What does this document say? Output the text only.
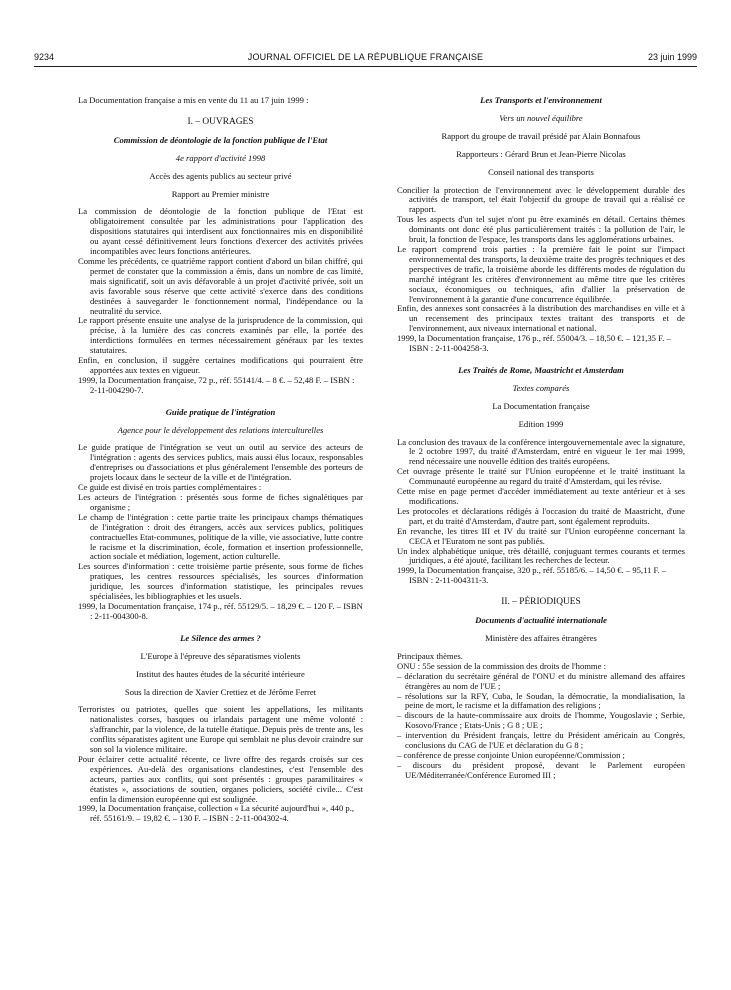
9234	JOURNAL OFFICIEL DE LA RÉPUBLIQUE FRANÇAISE	23 juin 1999

La Documentation française a mis en vente du 11 au 17 juin 1999 :

I. – OUVRAGES

Commission de déontologie de la fonction publique de l'Etat

4e rapport d'activité 1998

Accès des agents publics au secteur privé

Rapport au Premier ministre

La commission de déontologie de la fonction publique de l'Etat est obligatoirement consultée par les administrations pour l'application des dispositions statutaires qui interdisent aux fonctionnaires mis en disponibilité ou ayant cessé définitivement leurs fonctions d'exercer des activités privées incompatibles avec leurs fonctions antérieures.

Comme les précédents, ce quatrième rapport contient d'abord un bilan chiffré, qui permet de constater que la commission a émis, dans un nombre de cas limité, mais significatif, soit un avis défavorable à un projet d'activité privée, soit un avis favorable sous réserve que cette activité s'exerce dans des conditions destinées à sauvegarder le fonctionnement normal, l'indépendance ou la neutralité du service.

Le rapport présente ensuite une analyse de la jurisprudence de la commission, qui précise, à la lumière des cas concrets examinés par elle, la portée des interdictions formulées en termes nécessairement généraux par les textes statutaires.

Enfin, en conclusion, il suggère certaines modifications qui pourraient être apportées aux textes en vigueur.

1999, la Documentation française, 72 p., réf. 55141/4. – 8 €. – 52,48 F. – ISBN : 2-11-004290-7.

Guide pratique de l'intégration

Agence pour le développement des relations interculturelles

Le guide pratique de l'intégration se veut un outil au service des acteurs de l'intégration : agents des services publics, mais aussi élus locaux, responsables d'entreprises ou d'associations et plus généralement l'ensemble des porteurs de projets locaux dans le secteur de la ville et de l'intégration.

Ce guide est divisé en trois parties complémentaires :

Les acteurs de l'intégration : présentés sous forme de fiches signalétiques par organisme ;

Le champ de l'intégration : cette partie traite les principaux champs thématiques de l'intégration : droit des étrangers, accès aux services publics, politiques contractuelles Etat-communes, politique de la ville, vie associative, lutte contre le racisme et la discrimination, école, formation et insertion professionnelle, action sociale et médiation, logement, action culturelle.

Les sources d'information : cette troisième partie présente, sous forme de fiches pratiques, les centres ressources spécialisés, les sources d'information juridique, les sources d'information statistique, les principales revues spécialisées, les bibliographies et les usuels.

1999, la Documentation française, 174 p., réf. 55129/5. – 18,29 €. – 120 F. – ISBN : 2-11-004300-8.

Le Silence des armes ?

L'Europe à l'épreuve des séparatismes violents

Institut des hautes études de la sécurité intérieure

Sous la direction de Xavier Crettiez et de Jérôme Ferret

Terroristes ou patriotes, quelles que soient les appellations, les militants nationalistes corses, basques ou irlandais partagent une même volonté : s'affranchir, par la violence, de la tutelle étatique. Depuis près de trente ans, les conflits séparatistes agitent une Europe qui semblait ne plus devoir craindre sur son sol la violence militaire.

Pour éclairer cette actualité récente, ce livre offre des regards croisés sur ces expériences. Au-delà des organisations clandestines, c'est l'ensemble des acteurs, parties aux conflits, qui sont présentés : groupes paramilitaires « étatistes », associations de soutien, organes policiers, société civile... C'est enfin la dimension européenne qui est soulignée.

1999, la Documentation française, collection « La sécurité aujourd'hui », 440 p., réf. 55161/9. – 19,82 €. – 130 F. – ISBN : 2-11-004302-4.

Les Transports et l'environnement

Vers un nouvel équilibre

Rapport du groupe de travail présidé par Alain Bonnafous

Rapporteurs : Gérard Brun et Jean-Pierre Nicolas

Conseil national des transports

Concilier la protection de l'environnement avec le développement durable des activités de transport, tel était l'objectif du groupe de travail qui a réalisé ce rapport.

Tous les aspects d'un tel sujet n'ont pu être examinés en détail. Certains thèmes dominants ont donc été plus particulièrement traités : la pollution de l'air, le bruit, la fonction de l'espace, les transports dans les agglomérations urbaines.

Le rapport comprend trois parties : la première fait le point sur l'impact environnemental des transports, la deuxième traite des progrès techniques et des perspectives de trafic, la troisième aborde les différents modes de régulation du marché intégrant les critères d'environnement au même titre que les critères sociaux, économiques ou techniques, afin d'allier la préservation de l'environnement à la garantie d'une concurrence équilibrée.

Enfin, des annexes sont consacrées à la distribution des marchandises en ville et à un recensement des principaux textes traitant des transports et de l'environnement, aux niveaux international et national.

1999, la Documentation française, 176 p., réf. 55004/3. – 18,50 €. – 121,35 F. – ISBN : 2-11-004258-3.

Les Traités de Rome, Maastricht et Amsterdam

Textes comparés

La Documentation française

Edition 1999

La conclusion des travaux de la conférence intergouvernementale avec la signature, le 2 octobre 1997, du traité d'Amsterdam, entré en vigueur le 1er mai 1999, rend nécessaire une nouvelle édition des traités européens.

Cet ouvrage présente le traité sur l'Union européenne et le traité instituant la Communauté européenne au regard du traité d'Amsterdam, qui les révise.

Cette mise en page permet d'accéder immédiatement au texte antérieur et à ses modifications.

Les protocoles et déclarations rédigés à l'occasion du traité de Maastricht, d'une part, et du traité d'Amsterdam, d'autre part, sont également reproduits.

En revanche, les titres III et IV du traité sur l'Union européenne concernant la CECA et l'Euratom ne sont pas publiés.

Un index alphabétique unique, très détaillé, conjuguant termes courants et termes juridiques, a été ajouté, facilitant les recherches de lecteur.

1999, la Documentation française, 320 p., réf. 55185/6. – 14,50 €. – 95,11 F. – ISBN : 2-11-004311-3.

II. – PÉRIODIQUES

Documents d'actualité internationale

Ministère des affaires étrangères

Principaux thèmes.

ONU : 55e session de la commission des droits de l'homme :

– déclaration du secrétaire général de l'ONU et du ministre allemand des affaires étrangères au nom de l'UE ;

– résolutions sur la RFY, Cuba, le Soudan, la démocratie, la mondialisation, la peine de mort, le racisme et la diffamation des religions ;

– discours de la haute-commissaire aux droits de l'homme, Yougoslavie ; Serbie, Kosovo/France ; Etats-Unis ; G 8 ; UE ;

– intervention du Président français, lettre du Président américain au Congrès, conclusions du CAG de l'UE et déclaration du G 8 ;

– conférence de presse conjointe Union européenne/Commission ;

– discours du président proposé, devant le Parlement européen UE/Méditerranée/Conférence Euromed III ;
